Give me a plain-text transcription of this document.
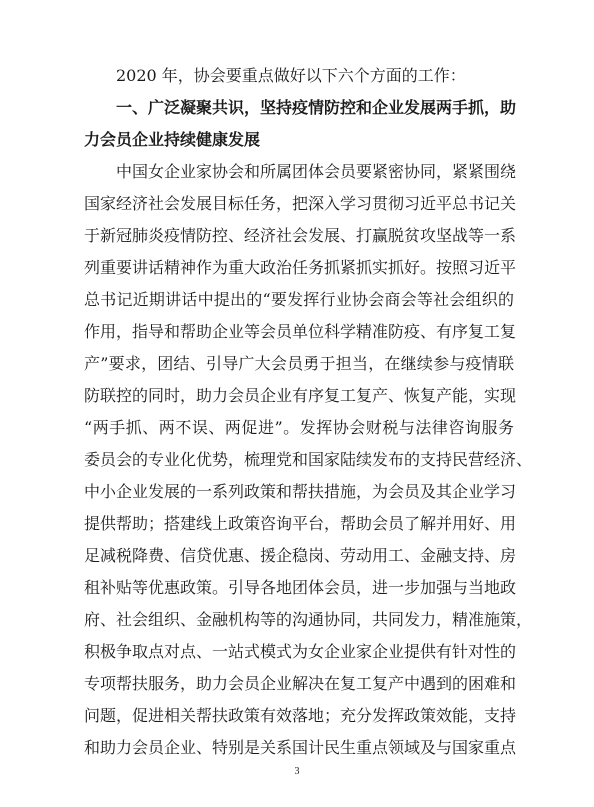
2020 年，协会要重点做好以下六个方面的工作：
一、广泛凝聚共识，坚持疫情防控和企业发展两手抓，助
力会员企业持续健康发展
中国女企业家协会和所属团体会员要紧密协同，紧紧围绕
国家经济社会发展目标任务，把深入学习贯彻习近平总书记关
于新冠肺炎疫情防控、经济社会发展、打赢脱贫攻坚战等一系
列重要讲话精神作为重大政治任务抓紧抓实抓好。按照习近平
总书记近期讲话中提出的“要发挥行业协会商会等社会组织的
作用，指导和帮助企业等会员单位科学精准防疫、有序复工复
产”要求，团结、引导广大会员勇于担当，在继续参与疫情联
防联控的同时，助力会员企业有序复工复产、恢复产能，实现
“两手抓、两不误、两促进”。发挥协会财税与法律咨询服务
委员会的专业化优势，梳理党和国家陆续发布的支持民营经济、
中小企业发展的一系列政策和帮扶措施，为会员及其企业学习
提供帮助；搭建线上政策咨询平台，帮助会员了解并用好、用
足减税降费、信贷优惠、援企稳岗、劳动用工、金融支持、房
租补贴等优惠政策。引导各地团体会员，进一步加强与当地政
府、社会组织、金融机构等的沟通协同，共同发力，精准施策，
积极争取点对点、一站式模式为女企业家企业提供有针对性的
专项帮扶服务，助力会员企业解决在复工复产中遇到的困难和
问题，促进相关帮扶政策有效落地；充分发挥政策效能，支持
和助力会员企业、特别是关系国计民生重点领域及与国家重点
3
